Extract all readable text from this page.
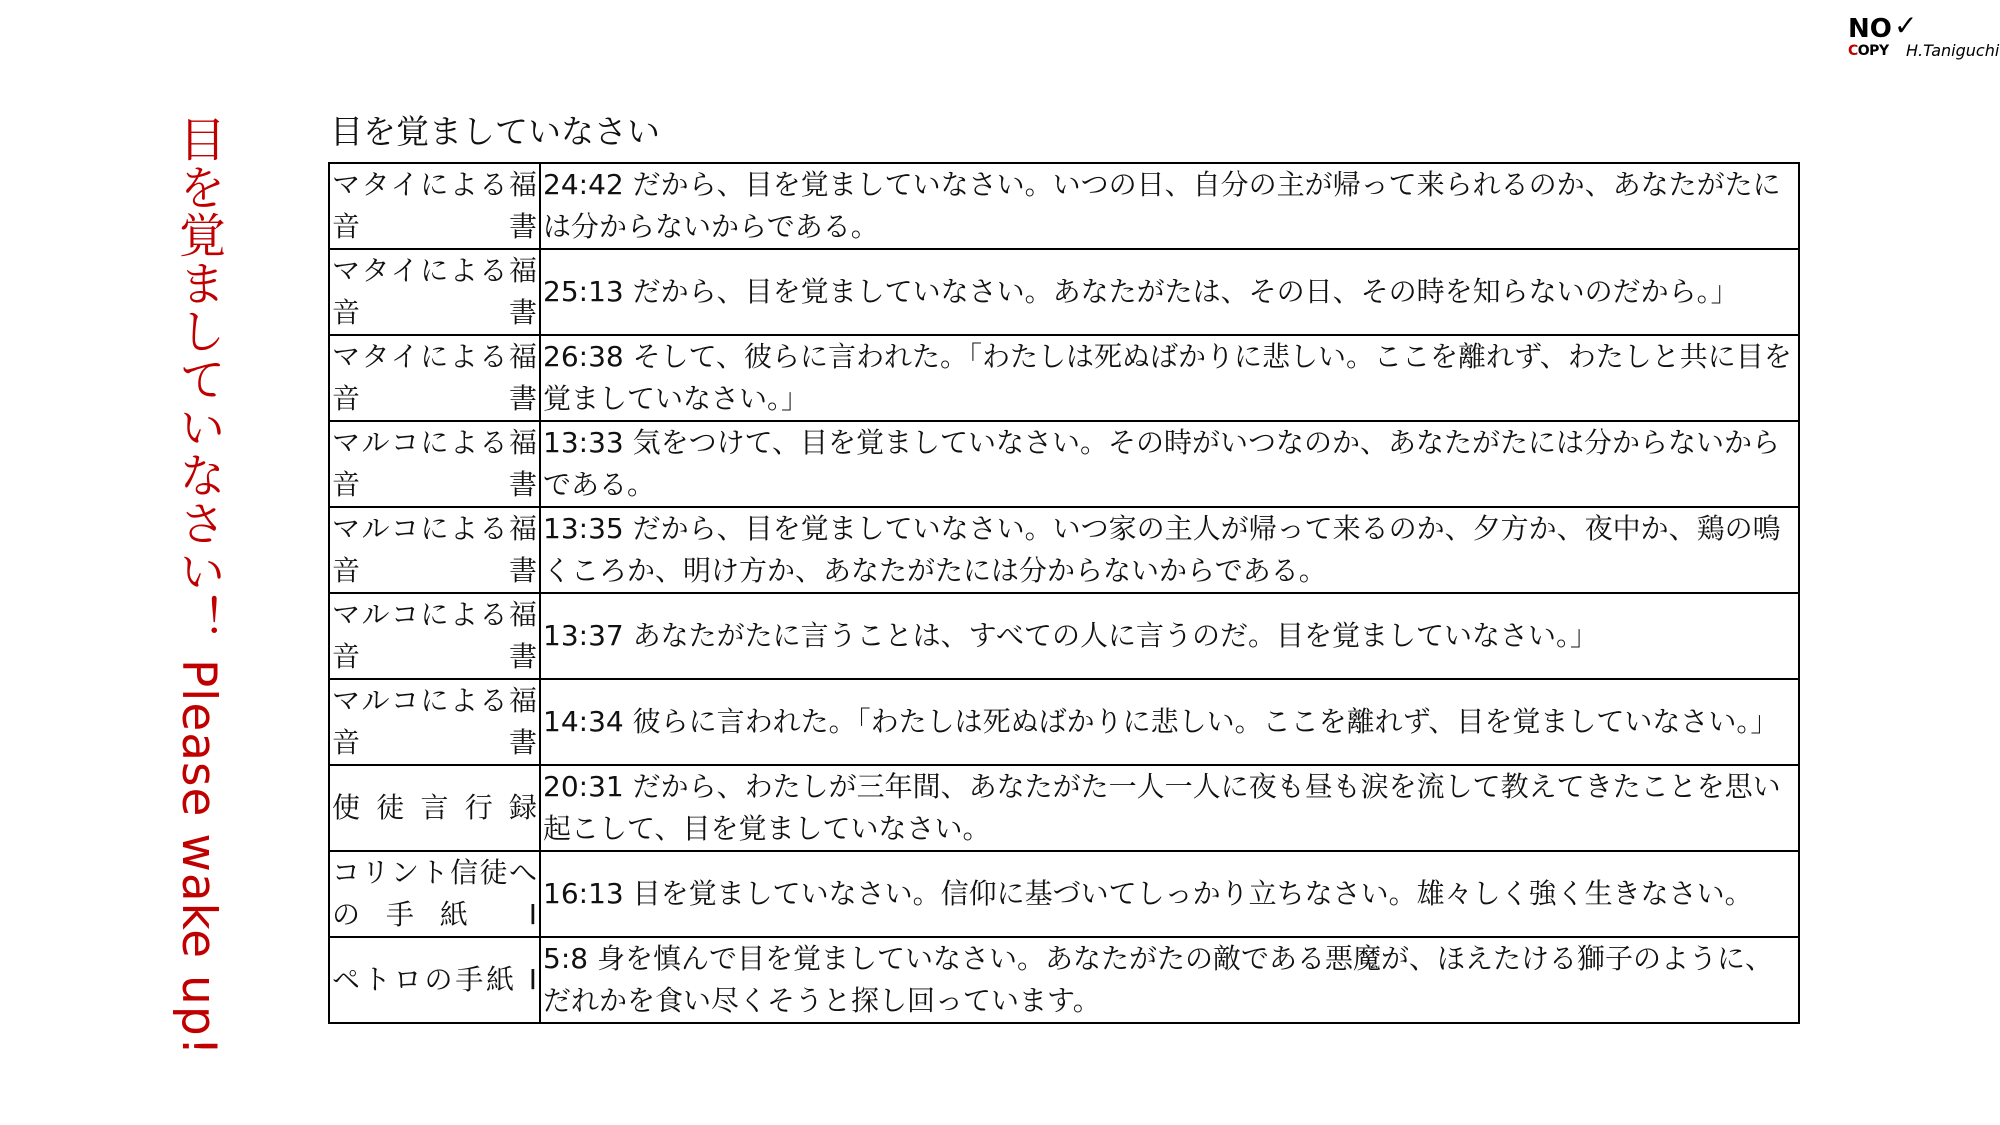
NO ✓
COPY H.Taniguchi
目を覚ましていなさい！ Please wake up!	目を覚ましていなさい
マタイによる福音書	24:42 だから、目を覚ましていなさい。いつの日、自分の主が帰って来られるのか、あなたがたには分からないからである。
マタイによる福音書	25:13 だから、目を覚ましていなさい。あなたがたは、その日、その時を知らないのだから。」
マタイによる福音書	26:38 そして、彼らに言われた。「わたしは死ぬばかりに悲しい。ここを離れず、わたしと共に目を覚ましていなさい。」
マルコによる福音書	13:33 気をつけて、目を覚ましていなさい。その時がいつなのか、あなたがたには分からないからである。
マルコによる福音書	13:35 だから、目を覚ましていなさい。いつ家の主人が帰って来るのか、夕方か、夜中か、鶏の鳴くころか、明け方か、あなたがたには分からないからである。
マルコによる福音書	13:37 あなたがたに言うことは、すべての人に言うのだ。目を覚ましていなさい。」
マルコによる福音書	14:34 彼らに言われた。「わたしは死ぬばかりに悲しい。ここを離れず、目を覚ましていなさい。」
使徒言行録	20:31 だから、わたしが三年間、あなたがた一人一人に夜も昼も涙を流して教えてきたことを思い起こして、目を覚ましていなさい。
コリント信徒への手紙 I	16:13 目を覚ましていなさい。信仰に基づいてしっかり立ちなさい。雄々しく強く生きなさい。
ペトロの手紙 I	5:8 身を慎んで目を覚ましていなさい。あなたがたの敵である悪魔が、ほえたける獅子のように、だれかを食い尽くそうと探し回っています。
